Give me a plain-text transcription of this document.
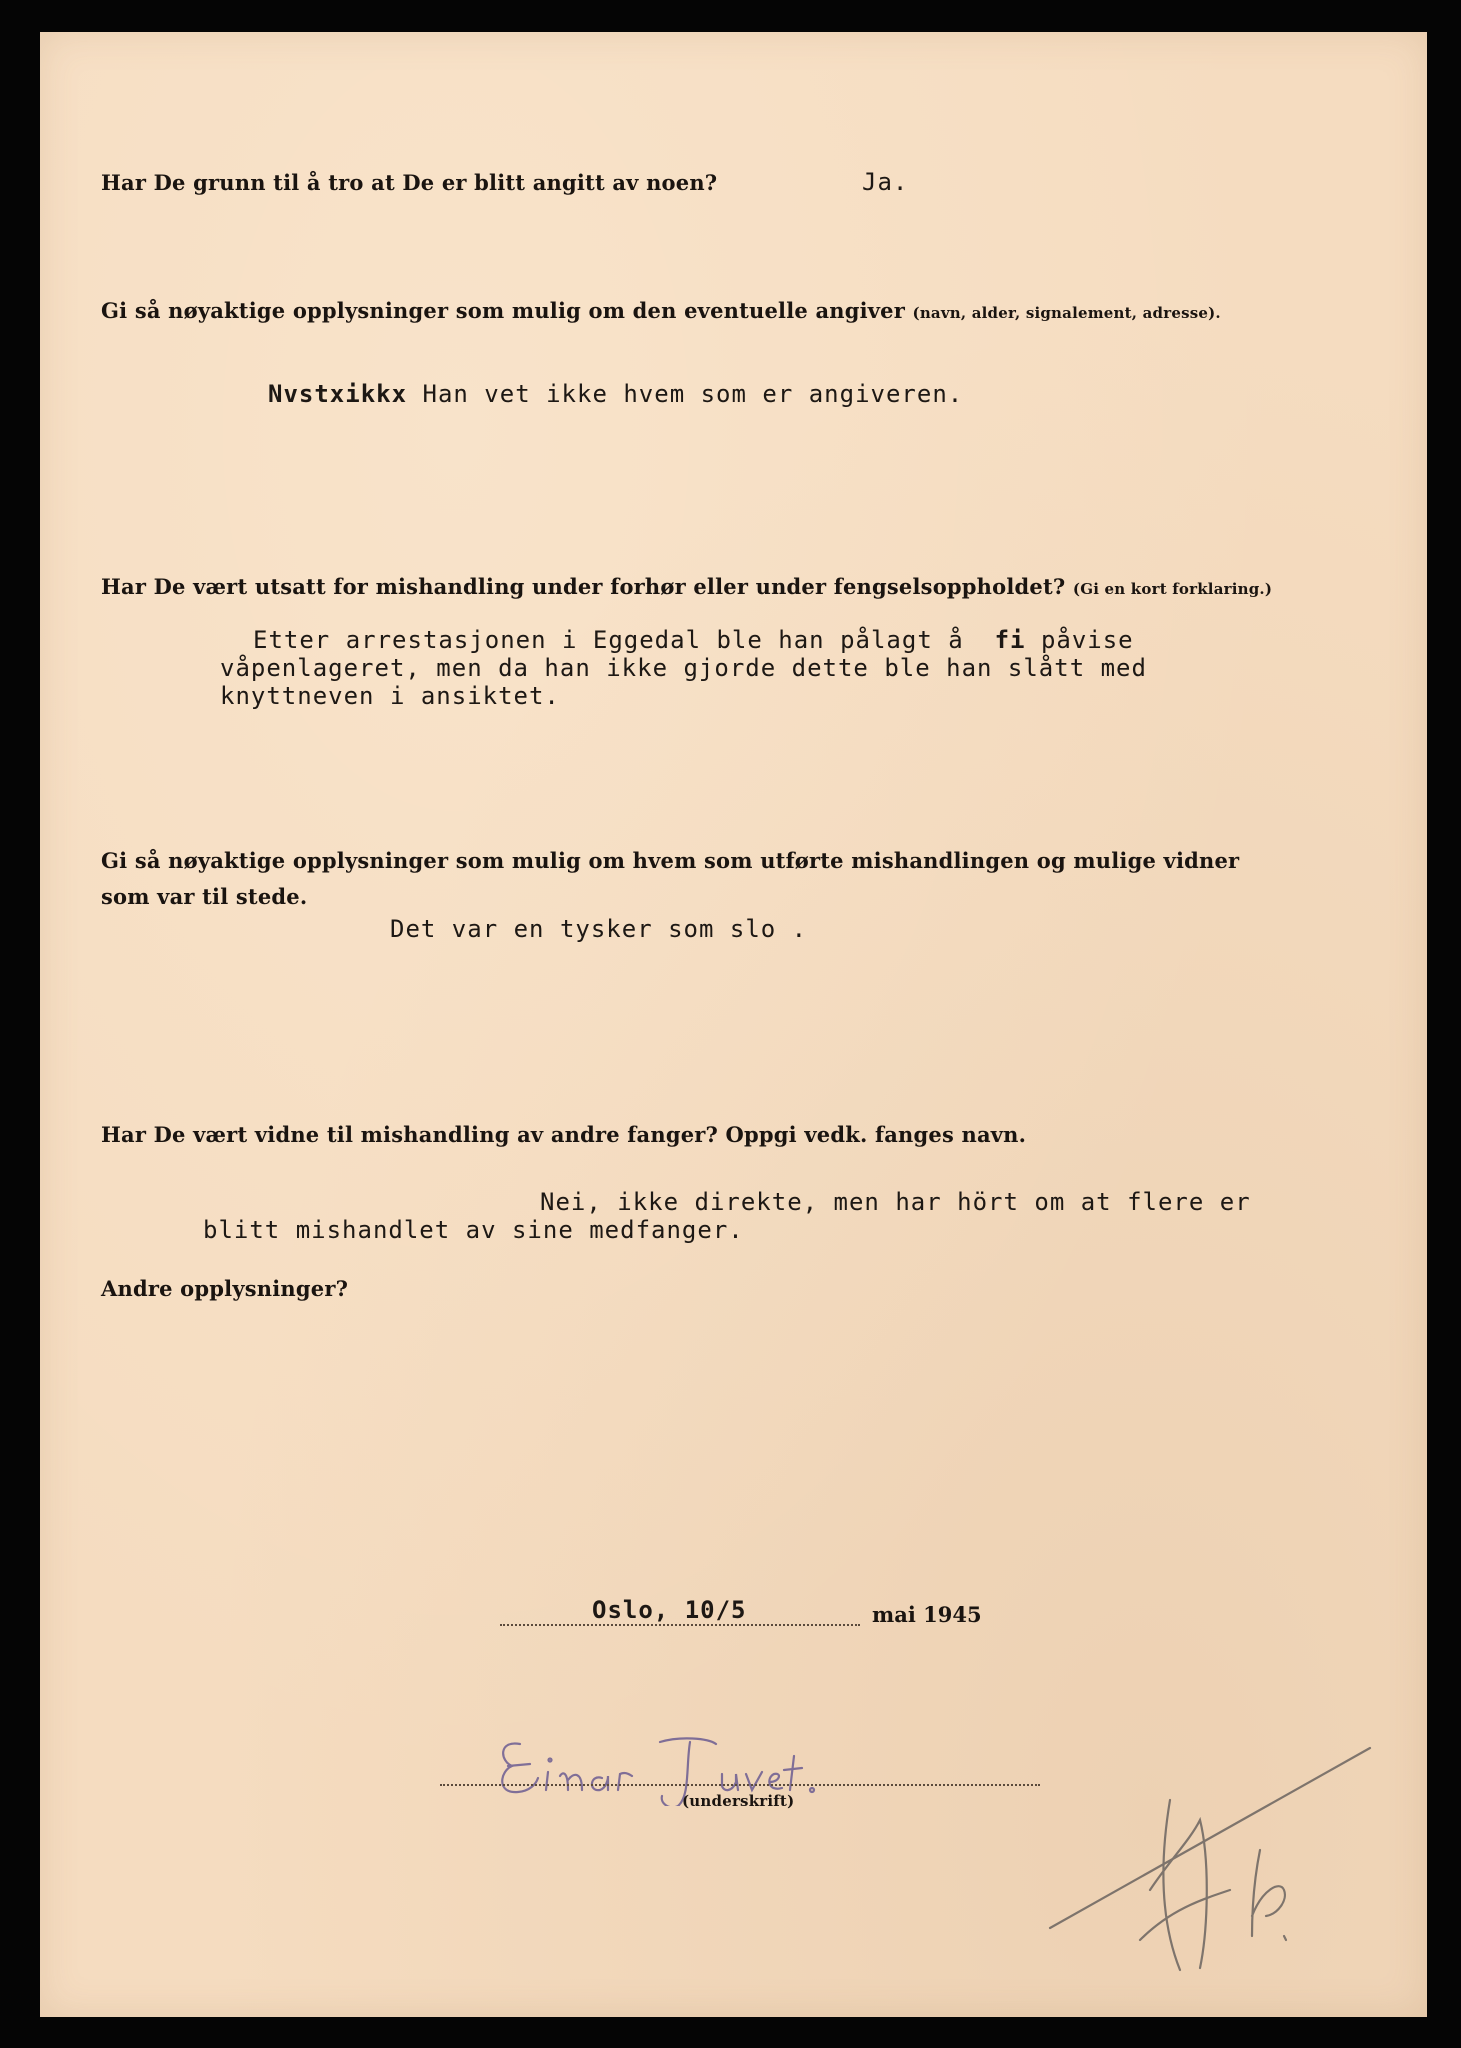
Har De grunn til å tro at De er blitt angitt av noen?	Ja.
Gi så nøyaktige opplysninger som mulig om den eventuelle angiver (navn, alder, signalement, adresse).
Nvstxikkx Han vet ikke hvem som er angiveren.
Har De vært utsatt for mishandling under forhør eller under fengselsoppholdet? (Gi en kort forklaring.)
Etter arrestasjonen i Eggedal ble han pålagt å fi påvise
våpenlageret, men da han ikke gjorde dette ble han slått med
knyttneven i ansiktet.
Gi så nøyaktige opplysninger som mulig om hvem som utførte mishandlingen og mulige vidner
som var til stede.
Det var en tysker som slo .
Har De vært vidne til mishandling av andre fanger? Oppgi vedk. fanges navn.
Nei, ikke direkte, men har hört om at flere er
blitt mishandlet av sine medfanger.
Andre opplysninger?
Oslo, 10/5	mai 1945
(underskrift)
